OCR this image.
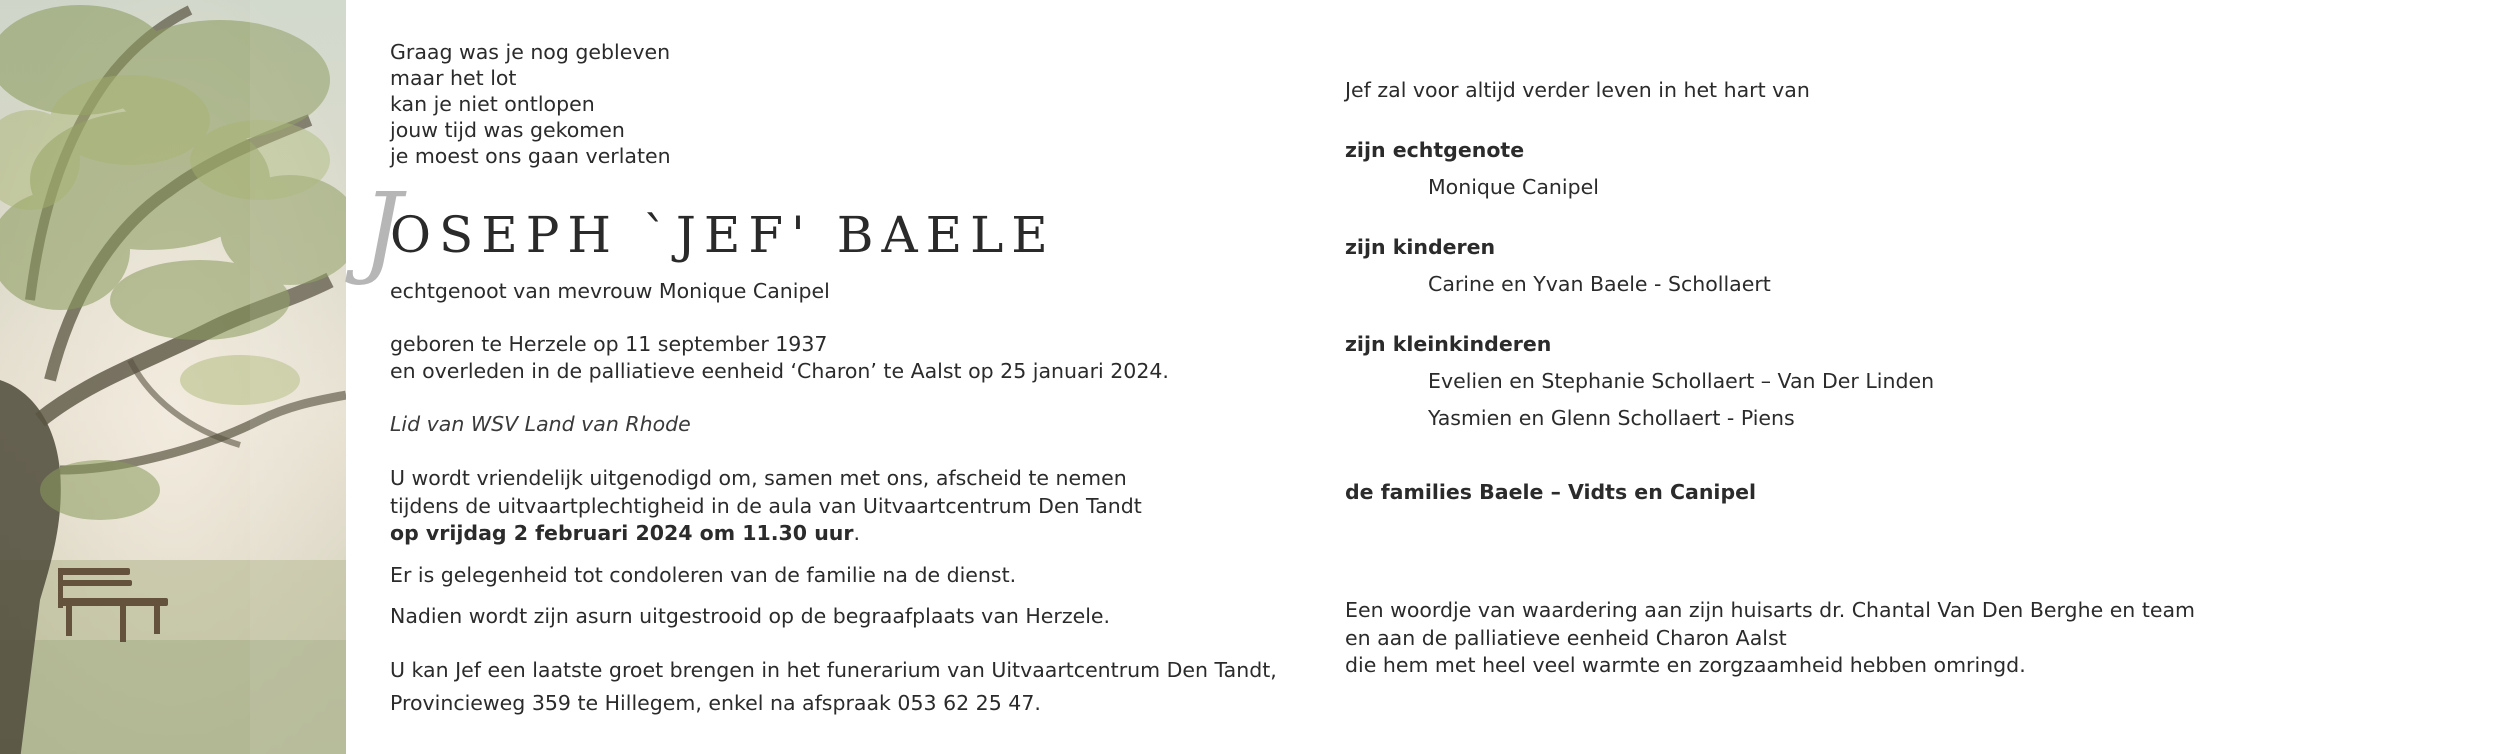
Graag was je nog gebleven
maar het lot
kan je niet ontlopen
jouw tijd was gekomen
je moest ons gaan verlaten
J
OSEPH `JEF' BAELE
echtgenoot van mevrouw Monique Canipel
geboren te Herzele op 11 september 1937
en overleden in de palliatieve eenheid ‘Charon’ te Aalst op 25 januari 2024.
Lid van WSV Land van Rhode
U wordt vriendelijk uitgenodigd om, samen met ons, afscheid te nemen
tijdens de uitvaartplechtigheid in de aula van Uitvaartcentrum Den Tandt
op vrijdag 2 februari 2024 om 11.30 uur.
Er is gelegenheid tot condoleren van de familie na de dienst.
Nadien wordt zijn asurn uitgestrooid op de begraafplaats van Herzele.
U kan Jef een laatste groet brengen in het funerarium van Uitvaartcentrum Den Tandt,
Provincieweg 359 te Hillegem, enkel na afspraak 053 62 25 47.
Jef zal voor altijd verder leven in het hart van
zijn echtgenote
Monique Canipel
zijn kinderen
Carine en Yvan Baele - Schollaert
zijn kleinkinderen
Evelien en Stephanie Schollaert – Van Der Linden
Yasmien en Glenn Schollaert - Piens
de families Baele – Vidts en Canipel
Een woordje van waardering aan zijn huisarts dr. Chantal Van Den Berghe en team
en aan de palliatieve eenheid Charon Aalst
die hem met heel veel warmte en zorgzaamheid hebben omringd.
